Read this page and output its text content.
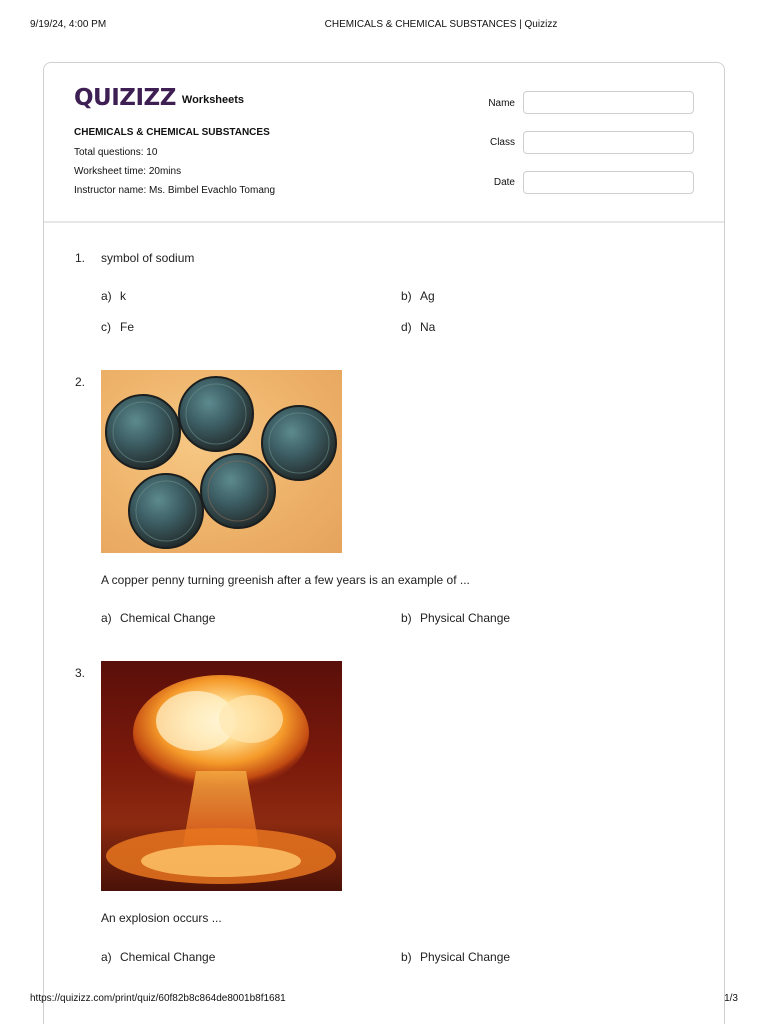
9/19/24, 4:00 PM	CHEMICALS & CHEMICAL SUBSTANCES | Quizizz
QUIZIZZ Worksheets
CHEMICALS & CHEMICAL SUBSTANCES
Total questions: 10
Worksheet time: 20mins
Instructor name: Ms. Bimbel Evachlo Tomang
Name
Class
Date
1. symbol of sodium
a) k	b) Ag
c) Fe	d) Na
2.
A copper penny turning greenish after a few years is an example of ...
a) Chemical Change	b) Physical Change
3.
An explosion occurs ...
a) Chemical Change	b) Physical Change
https://quizizz.com/print/quiz/60f82b8c864de8001b8f1681	1/3
